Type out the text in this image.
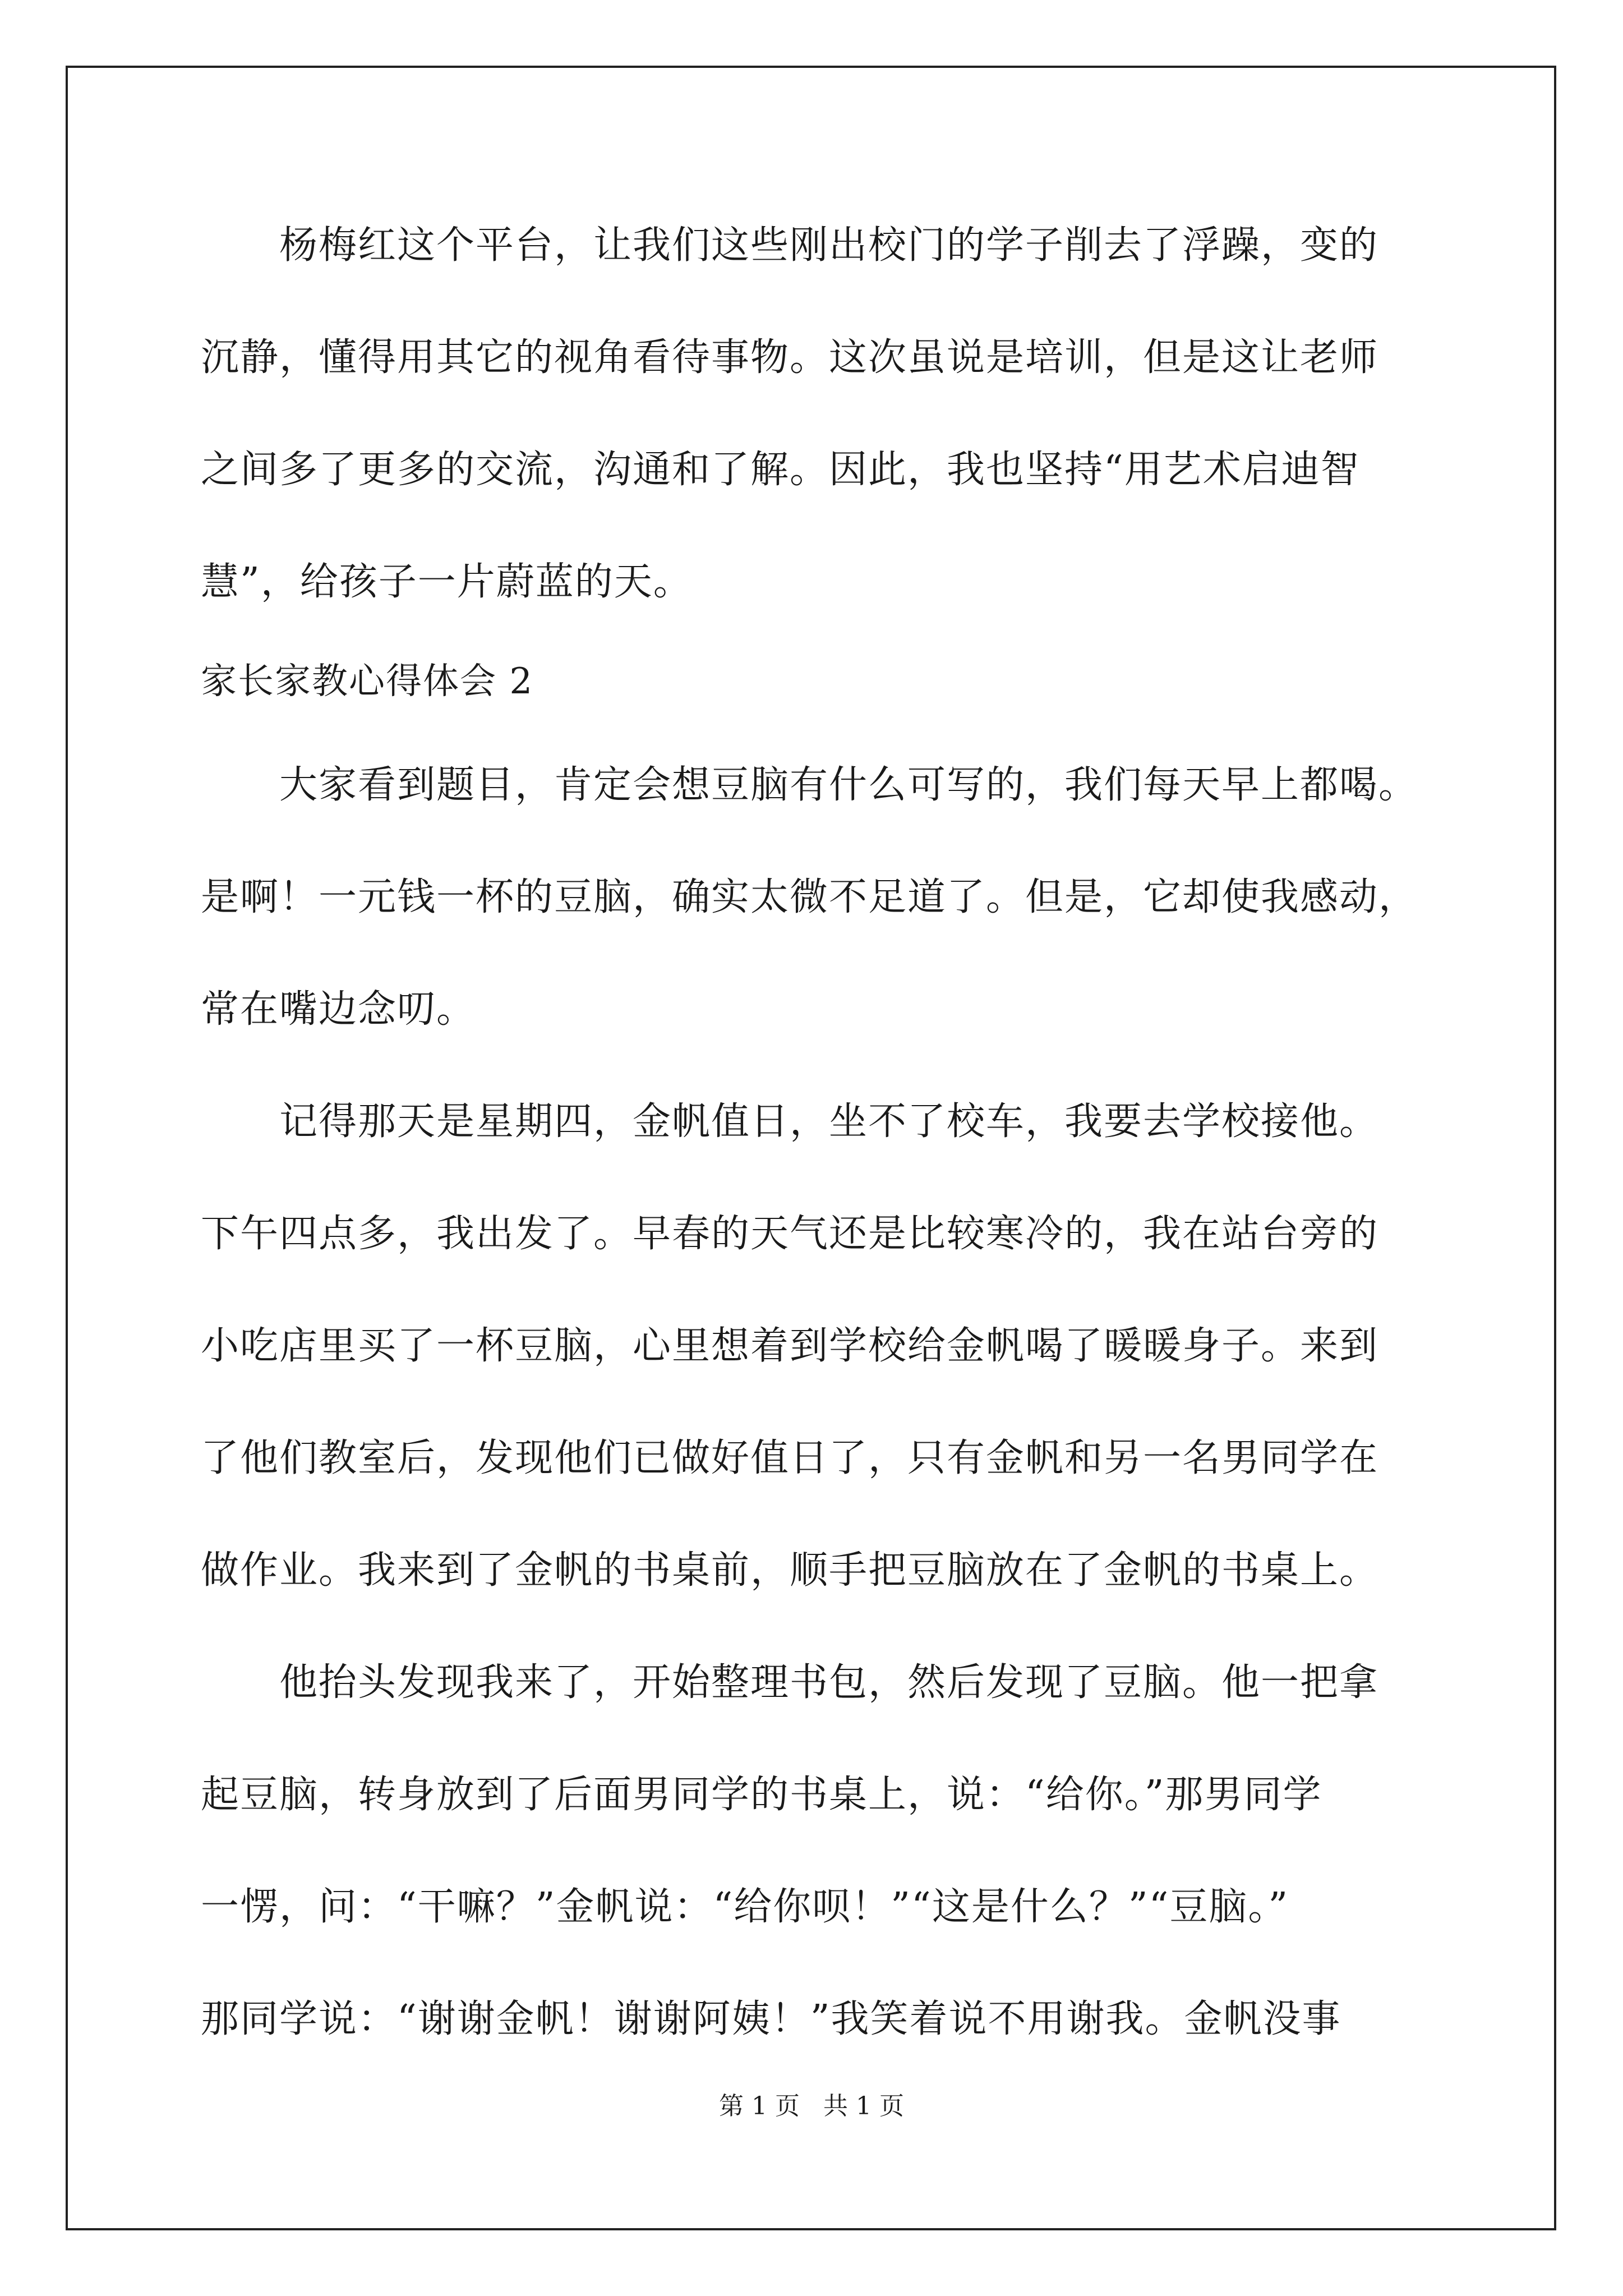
　　杨梅红这个平台，让我们这些刚出校门的学子削去了浮躁，变的
沉静，懂得用其它的视角看待事物。这次虽说是培训，但是这让老师
之间多了更多的交流，沟通和了解。因此，我也坚持“用艺术启迪智
慧”，给孩子一片蔚蓝的天。
家长家教心得体会 2
　　大家看到题目，肯定会想豆脑有什么可写的，我们每天早上都喝。
是啊！一元钱一杯的豆脑，确实太微不足道了。但是，它却使我感动，
常在嘴边念叨。
　　记得那天是星期四，金帆值日，坐不了校车，我要去学校接他。
下午四点多，我出发了。早春的天气还是比较寒冷的，我在站台旁的
小吃店里买了一杯豆脑，心里想着到学校给金帆喝了暖暖身子。来到
了他们教室后，发现他们已做好值日了，只有金帆和另一名男同学在
做作业。我来到了金帆的书桌前，顺手把豆脑放在了金帆的书桌上。
　　他抬头发现我来了，开始整理书包，然后发现了豆脑。他一把拿
起豆脑，转身放到了后面男同学的书桌上，说：“给你。”那男同学
一愣，问：“干嘛？”金帆说：“给你呗！”“这是什么？”“豆脑。”
那同学说：“谢谢金帆！谢谢阿姨！”我笑着说不用谢我。金帆没事
第 1 页   共 1 页
